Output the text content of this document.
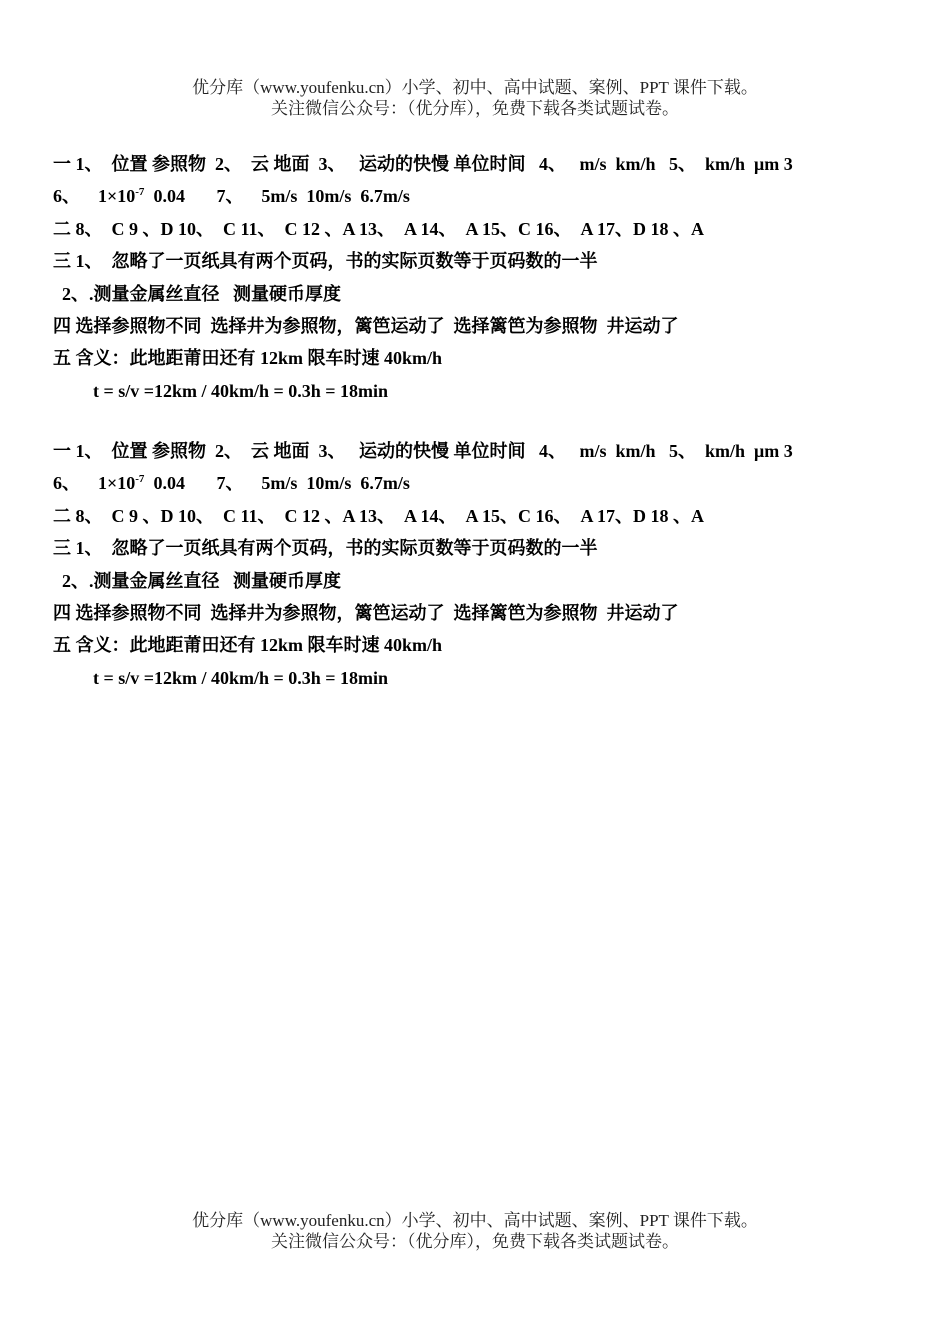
优分库（www.youfenku.cn）小学、初中、高中试题、案例、PPT 课件下载。
关注微信公众号：（优分库），免费下载各类试题试卷。
一 1、  位置 参照物  2、  云 地面  3、   运动的快慢 单位时间   4、   m/s  km/h   5、  km/h  μm 3
6、    $1\times 10^{-7}$  0.04       7、    5m/s  10m/s  6.7m/s
二 8、  C 9 、D 10、  C 11、  C 12 、A 13、  A 14、  A 15、C 16、  A 17、D 18 、A
三 1、  忽略了一页纸具有两个页码，书的实际页数等于页码数的一半
2、.测量金属丝直径   测量硬币厚度
四 选择参照物不同  选择井为参照物，篱笆运动了  选择篱笆为参照物  井运动了
五 含义：此地距莆田还有 12km 限车时速 40km/h
t = s/v =12km / 40km/h = 0.3h = 18min
一 1、  位置 参照物  2、  云 地面  3、   运动的快慢 单位时间   4、   m/s  km/h   5、  km/h  μm 3
6、    $1\times 10^{-7}$  0.04       7、    5m/s  10m/s  6.7m/s
二 8、  C 9 、D 10、  C 11、  C 12 、A 13、  A 14、  A 15、C 16、  A 17、D 18 、A
三 1、  忽略了一页纸具有两个页码，书的实际页数等于页码数的一半
2、.测量金属丝直径   测量硬币厚度
四 选择参照物不同  选择井为参照物，篱笆运动了  选择篱笆为参照物  井运动了
五 含义：此地距莆田还有 12km 限车时速 40km/h
t = s/v =12km / 40km/h = 0.3h = 18min
优分库（www.youfenku.cn）小学、初中、高中试题、案例、PPT 课件下载。
关注微信公众号：（优分库），免费下载各类试题试卷。
